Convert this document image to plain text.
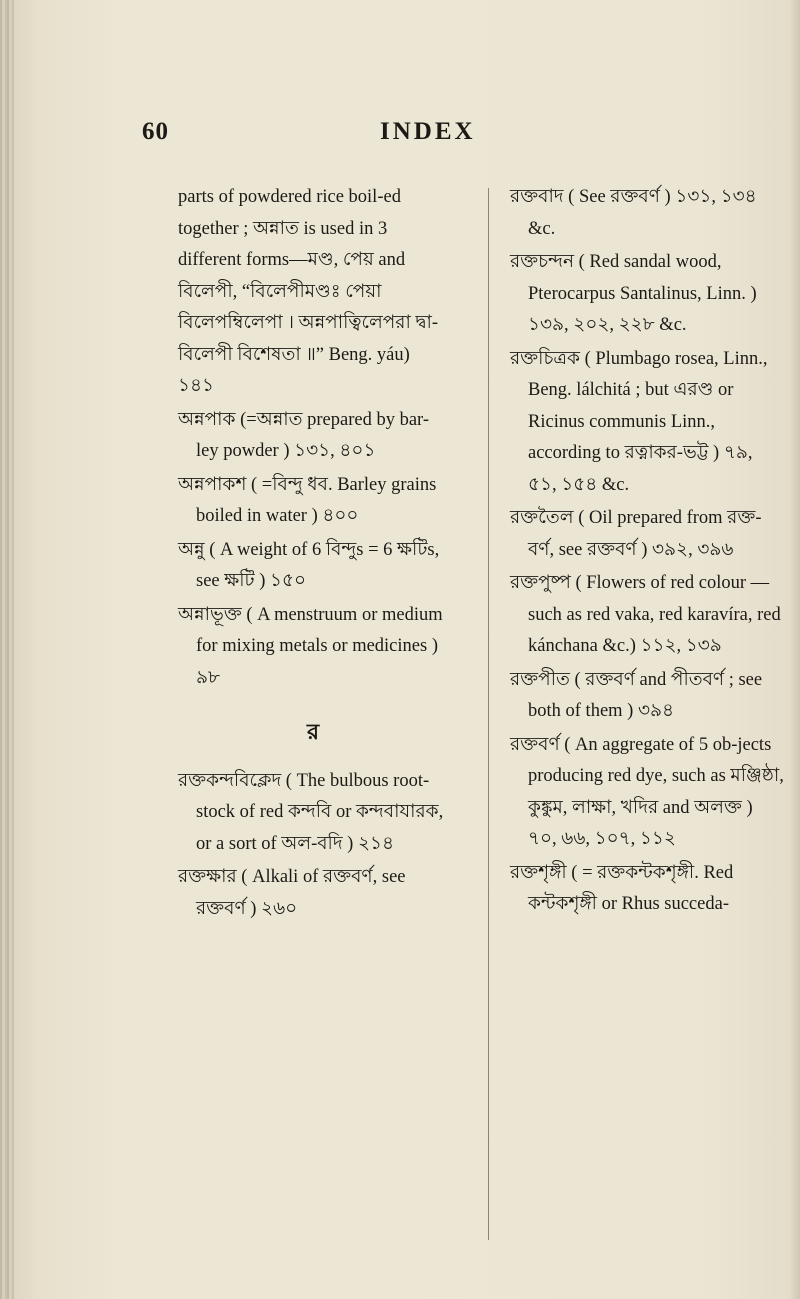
60	INDEX

parts of powdered rice boil-ed together ; অন্নাত is used in 3 different forms—মণ্ড, পেয় and বিলেপী, “বিলেপীমণ্ডঃ পেয়া বিলেপম্বিলেপা । অন্নপাত্বিলেপরা দ্বা-বিলেপী বিশেষতা ॥” Beng. yáu) ১৪১

অন্নপাক (=অন্নাত prepared by bar-ley powder ) ১৩১, ৪০১

অন্নপাকশ ( =বিন্দু ধব. Barley grains boiled in water ) ৪০০

অন্নু ( A weight of 6 বিন্দুs = 6 ক্ষটিs, see ক্ষটি ) ১৫০

অন্নাভূক্ত ( A menstruum or medium for mixing metals or medicines ) ৯৮

র

রক্তকন্দবিক্লেদ ( The bulbous root-stock of red কন্দবি or কন্দবাযারক, or a sort of অল-বদি ) ২১৪

রক্তক্ষার ( Alkali of রক্তবর্ণ, see রক্তবর্ণ ) ২৬০

রক্তবাদ ( See রক্তবর্ণ ) ১৩১, ১৩৪ &c.

রক্তচন্দন ( Red sandal wood, Pterocarpus Santalinus, Linn. ) ১৩৯, ২০২, ২২৮ &c.

রক্তচিত্রক ( Plumbago rosea, Linn., Beng. lálchitá ; but এরণ্ড or Ricinus communis Linn., according to রত্নাকর-ভট্ট ) ৭৯, ৫১, ১৫৪ &c.

রক্ততৈল ( Oil prepared from রক্ত-বর্ণ, see রক্তবর্ণ ) ৩৯২, ৩৯৬

রক্তপুষ্প ( Flowers of red colour —such as red vaka, red karavíra, red kánchana &c.) ১১২, ১৩৯

রক্তপীত ( রক্তবর্ণ and পীতবর্ণ ; see both of them ) ৩৯৪

রক্তবর্ণ ( An aggregate of 5 ob-jects producing red dye, such as মঞ্জিষ্ঠা, কুঙ্কুম, লাক্ষা, খদির and অলক্ত ) ৭০, ৬৬, ১০৭, ১১২

রক্তশৃঙ্গী ( = রক্তকন্টকশৃঙ্গী. Red কন্টকশৃঙ্গী or Rhus succeda-
